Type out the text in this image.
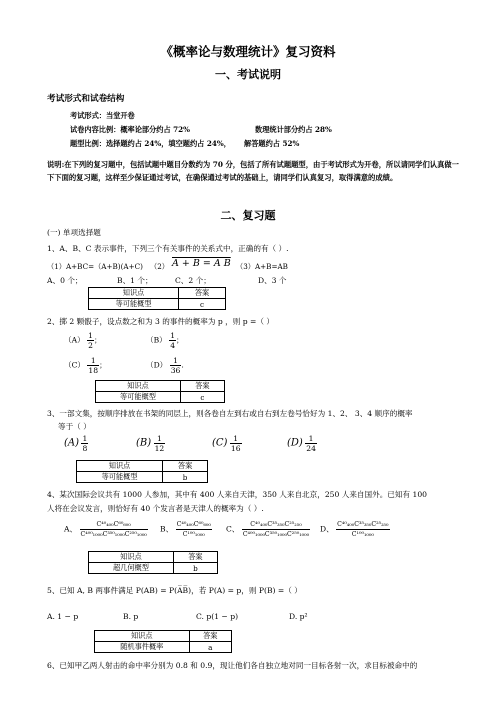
《概率论与数理统计》复习资料
一、考试说明
考试形式和试卷结构
考试形式：当堂开卷
试卷内容比例：概率论部分约占 72%	数理统计部分约占 28%
题型比例：选择题约占 24%，填空题约占 24%， 解答题约占 52%
说明:在下列的复习题中，包括试题中题目分数约为 70 分，包括了所有试题题型，由于考试形式为开卷，所以请同学们认真做一下下面的复习题，这样至少保证通过考试，在确保通过考试的基础上，请同学们认真复习，取得满意的成绩。
二、复习题
(一) 单项选择题
1、A、B、C 表示事件，下列三个有关事件的关系式中，正确的有（ ）.
（1）A+BC=（A+B)(A+C) （2） A + B = A B （3）A+B=AB
A、0 个；	B、1 个；	C、2 个；	D、3 个
知识点	答案
等可能概型	c
2、掷 2 颗骰子，设点数之和为 3 的事件的概率为 p ，则 p =（ ）
$(A) \frac{1}{2}$ ；	$(B) \frac{1}{4}$ ；
$(C) \frac{1}{18}$ ；	$(D) \frac{1}{36}$ .
知识点	答案
等可能概型	c
3、一部文集，按顺序排放在书架的同层上，则各卷自左到右或自右到左卷号恰好为 1、2、 3、4 顺序的概率
等于（ ）
$(A) \frac{1}{8}$	$(B) \frac{1}{12}$	$(C) \frac{1}{16}$	$(D) \frac{1}{24}$
知识点	答案
等可能概型	b
4、某次国际会议共有 1000 人参加，其中有 400 人来自天津，350 人来自北京，250 人来自国外。已知有 100
人将在会议发言，则恰好有 40 个发言者是天津人的概率为（ ）.
A、 $\frac{\text{C⁴⁰₄₀₀C⁶⁰₆₀₀}}{\text{C⁴⁰⁰₁₀₀₀C³⁵⁰₁₀₀₀C²⁵⁰₁₀₀₀}}$ B、 $\frac{\text{C⁴⁰₄₀₀C⁶⁰₆₀₀}}{\text{C¹⁰⁰₁₀₀₀}}$ C、 $\frac{\text{C⁴⁰₄₀₀C³⁵₃₅₀C²⁵₂₅₀}}{\text{C⁴⁰⁰₁₀₀₀C³⁵⁰₁₀₀₀C²⁵⁰₁₀₀₀}}$ D、 $\frac{\text{C⁴⁰₄₀₀C³⁵₃₅₀C²⁵₂₅₀}}{\text{C¹⁰⁰₁₀₀₀}}$
知识点	答案
超几何概型	b
5、已知 A, B 两事件满足 P(AB) = P(A̅B̅)，若 P(A) = p，则 P(B) =（ ）
A. 1 − p	B. p	C. p(1 − p)	D. p²
知识点	答案
随机事件概率	a
6、已知甲乙两人射击的命中率分别为 0.8 和 0.9，现让他们各自独立地对同一目标各射一次，求目标被命中的
